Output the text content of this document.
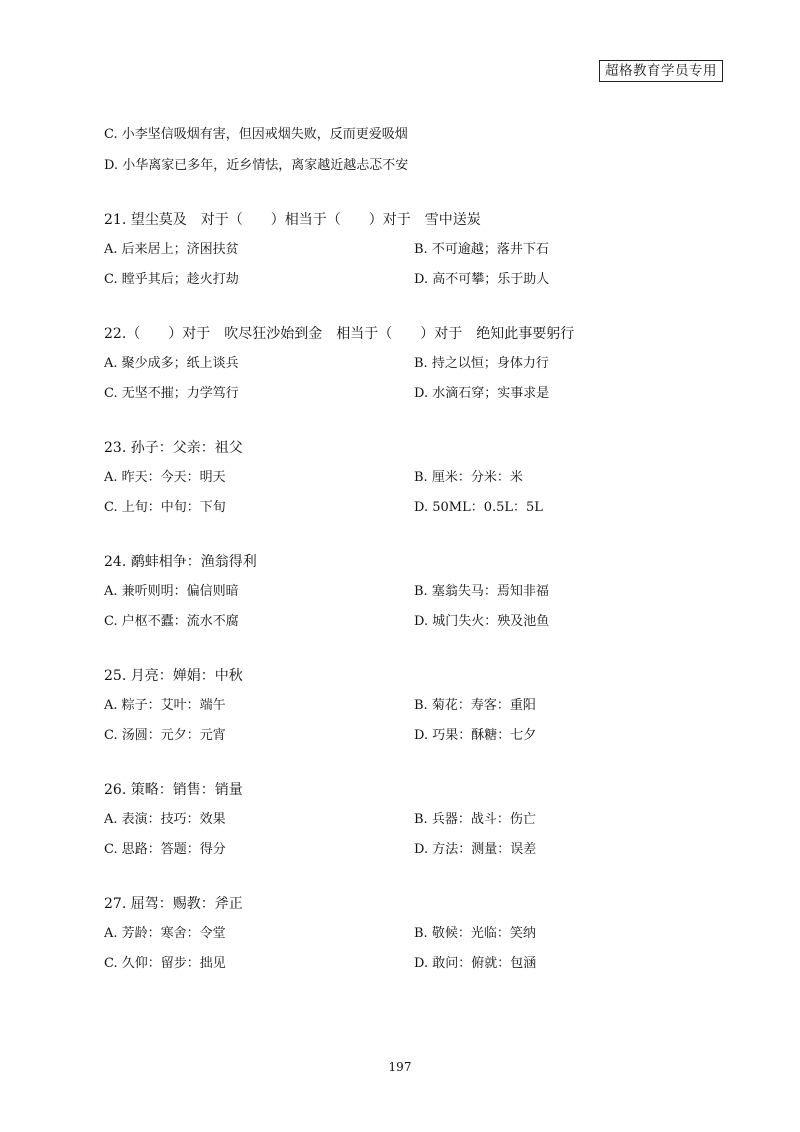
超格教育学员专用
C. 小李坚信吸烟有害，但因戒烟失败，反而更爱吸烟
D. 小华离家已多年，近乡情怯，离家越近越忐忑不安
21. 望尘莫及　对于（　　）相当于（　　）对于　雪中送炭
A. 后来居上；济困扶贫	B. 不可逾越；落井下石
C. 瞠乎其后；趁火打劫	D. 高不可攀；乐于助人
22.（　　）对于　吹尽狂沙始到金　相当于（　　）对于　绝知此事要躬行
A. 聚少成多；纸上谈兵	B. 持之以恒；身体力行
C. 无坚不摧；力学笃行	D. 水滴石穿；实事求是
23. 孙子：父亲：祖父
A. 昨天：今天：明天	B. 厘米：分米：米
C. 上旬：中旬：下旬	D. 50ML：0.5L：5L
24. 鹬蚌相争：渔翁得利
A. 兼听则明：偏信则暗	B. 塞翁失马：焉知非福
C. 户枢不蠹：流水不腐	D. 城门失火：殃及池鱼
25. 月亮：婵娟：中秋
A. 粽子：艾叶：端午	B. 菊花：寿客：重阳
C. 汤圆：元夕：元宵	D. 巧果：酥糖：七夕
26. 策略：销售：销量
A. 表演：技巧：效果	B. 兵器：战斗：伤亡
C. 思路：答题：得分	D. 方法：测量：误差
27. 屈驾：赐教：斧正
A. 芳龄：寒舍：令堂	B. 敬候：光临：笑纳
C. 久仰：留步：拙见	D. 敢问：俯就：包涵
197
